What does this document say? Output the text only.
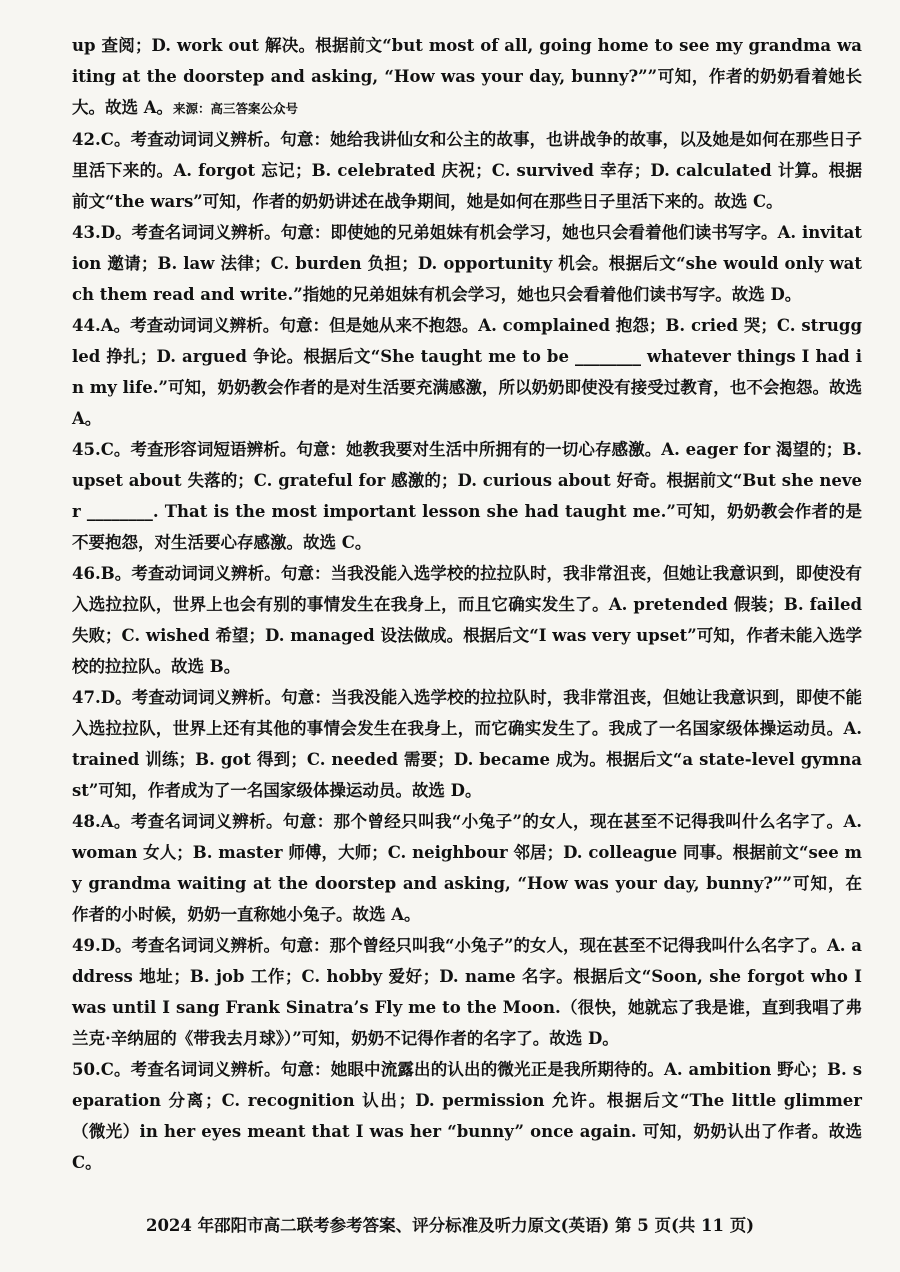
up 查阅；D. work out 解决。根据前文“but most of all, going home to see my grandma waiting at the doorstep and asking, “How was your day, bunny?””可知，作者的奶奶看着她长大。故选 A。来源：高三答案公众号
42.C。考查动词词义辨析。句意：她给我讲仙女和公主的故事，也讲战争的故事，以及她是如何在那些日子里活下来的。A. forgot 忘记；B. celebrated 庆祝；C. survived 幸存；D. calculated 计算。根据前文“the wars”可知，作者的奶奶讲述在战争期间，她是如何在那些日子里活下来的。故选 C。
43.D。考查名词词义辨析。句意：即使她的兄弟姐妹有机会学习，她也只会看着他们读书写字。A. invitation 邀请；B. law 法律；C. burden 负担；D. opportunity 机会。根据后文“she would only watch them read and write.”指她的兄弟姐妹有机会学习，她也只会看着他们读书写字。故选 D。
44.A。考查动词词义辨析。句意：但是她从来不抱怨。A. complained 抱怨；B. cried 哭；C. struggled 挣扎；D. argued 争论。根据后文“She taught me to be ________ whatever things I had in my life.”可知，奶奶教会作者的是对生活要充满感激，所以奶奶即使没有接受过教育，也不会抱怨。故选 A。
45.C。考查形容词短语辨析。句意：她教我要对生活中所拥有的一切心存感激。A. eager for 渴望的；B. upset about 失落的；C. grateful for 感激的；D. curious about 好奇。根据前文“But she never ________. That is the most important lesson she had taught me.”可知，奶奶教会作者的是不要抱怨，对生活要心存感激。故选 C。
46.B。考查动词词义辨析。句意：当我没能入选学校的拉拉队时，我非常沮丧，但她让我意识到，即使没有入选拉拉队，世界上也会有别的事情发生在我身上，而且它确实发生了。A. pretended 假装；B. failed 失败；C. wished 希望；D. managed 设法做成。根据后文“I was very upset”可知，作者未能入选学校的拉拉队。故选 B。
47.D。考查动词词义辨析。句意：当我没能入选学校的拉拉队时，我非常沮丧，但她让我意识到，即使不能入选拉拉队，世界上还有其他的事情会发生在我身上，而它确实发生了。我成了一名国家级体操运动员。A. trained 训练；B. got 得到；C. needed 需要；D. became 成为。根据后文“a state-level gymnast”可知，作者成为了一名国家级体操运动员。故选 D。
48.A。考查名词词义辨析。句意：那个曾经只叫我“小兔子”的女人，现在甚至不记得我叫什么名字了。A. woman 女人；B. master 师傅，大师；C. neighbour 邻居；D. colleague 同事。根据前文“see my grandma waiting at the doorstep and asking, “How was your day, bunny?””可知，在作者的小时候，奶奶一直称她小兔子。故选 A。
49.D。考查名词词义辨析。句意：那个曾经只叫我“小兔子”的女人，现在甚至不记得我叫什么名字了。A. address 地址；B. job 工作；C. hobby 爱好；D. name 名字。根据后文“Soon, she forgot who I was until I sang Frank Sinatra’s Fly me to the Moon.（很快，她就忘了我是谁，直到我唱了弗兰克·辛纳屈的《带我去月球》）”可知，奶奶不记得作者的名字了。故选 D。
50.C。考查名词词义辨析。句意：她眼中流露出的认出的微光正是我所期待的。A. ambition 野心；B. separation 分离；C. recognition 认出；D. permission 允许。根据后文“The little glimmer（微光）in her eyes meant that I was her “bunny” once again. 可知，奶奶认出了作者。故选 C。
2024 年邵阳市高二联考参考答案、评分标准及听力原文(英语) 第 5 页(共 11 页)
